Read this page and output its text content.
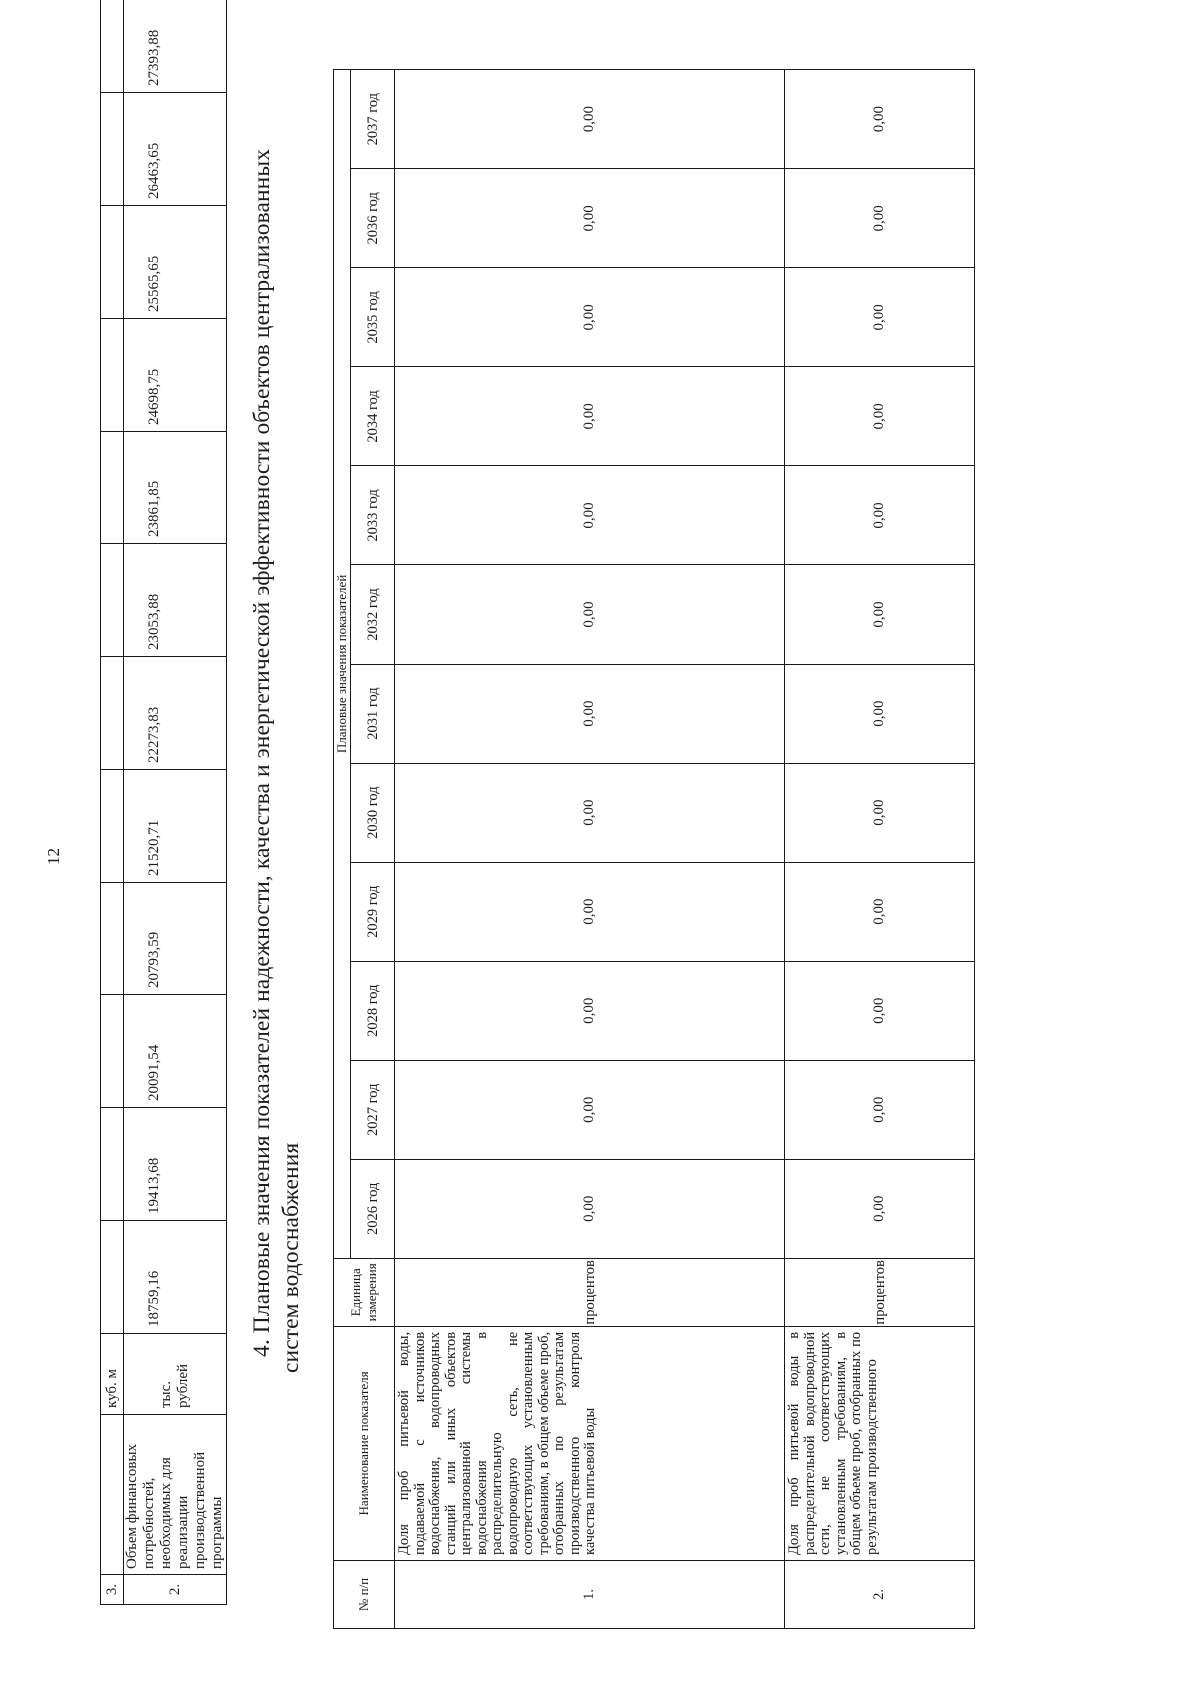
12
3.		куб. м													
2.	Объем финансовых потребностей, необходимых для реализации производственной программы	тыс. рублей	18759,16	19413,68	20091,54	20793,59	21520,71	22273,83	23053,88	23861,85	24698,75	25565,65	26463,65	27393,88	
4. Плановые значения показателей надежности, качества и энергетической эффективности объектов централизованных систем водоснабжения
№ п/п	Наименование показателя	Единица измерения	Плановые значения показателей											
			2026 год	2027 год	2028 год	2029 год	2030 год	2031 год	2032 год	2033 год	2034 год	2035 год	2036 год	2037 год
1.	Доля проб питьевой воды, подаваемой с источников водоснабжения, водопроводных станций или иных объектов централизованной системы водоснабжения в распределительную водопроводную сеть, не соответствующих установленным требованиям, в общем объеме проб, отобранных по результатам производственного контроля качества питьевой воды	процентов	0,00	0,00	0,00	0,00	0,00	0,00	0,00	0,00	0,00	0,00	0,00	0,00
2.	Доля проб питьевой воды в распределительной водопроводной сети, не соответствующих установленным требованиям, в общем объеме проб, отобранных по результатам производственного	процентов	0,00	0,00	0,00	0,00	0,00	0,00	0,00	0,00	0,00	0,00	0,00	0,00
